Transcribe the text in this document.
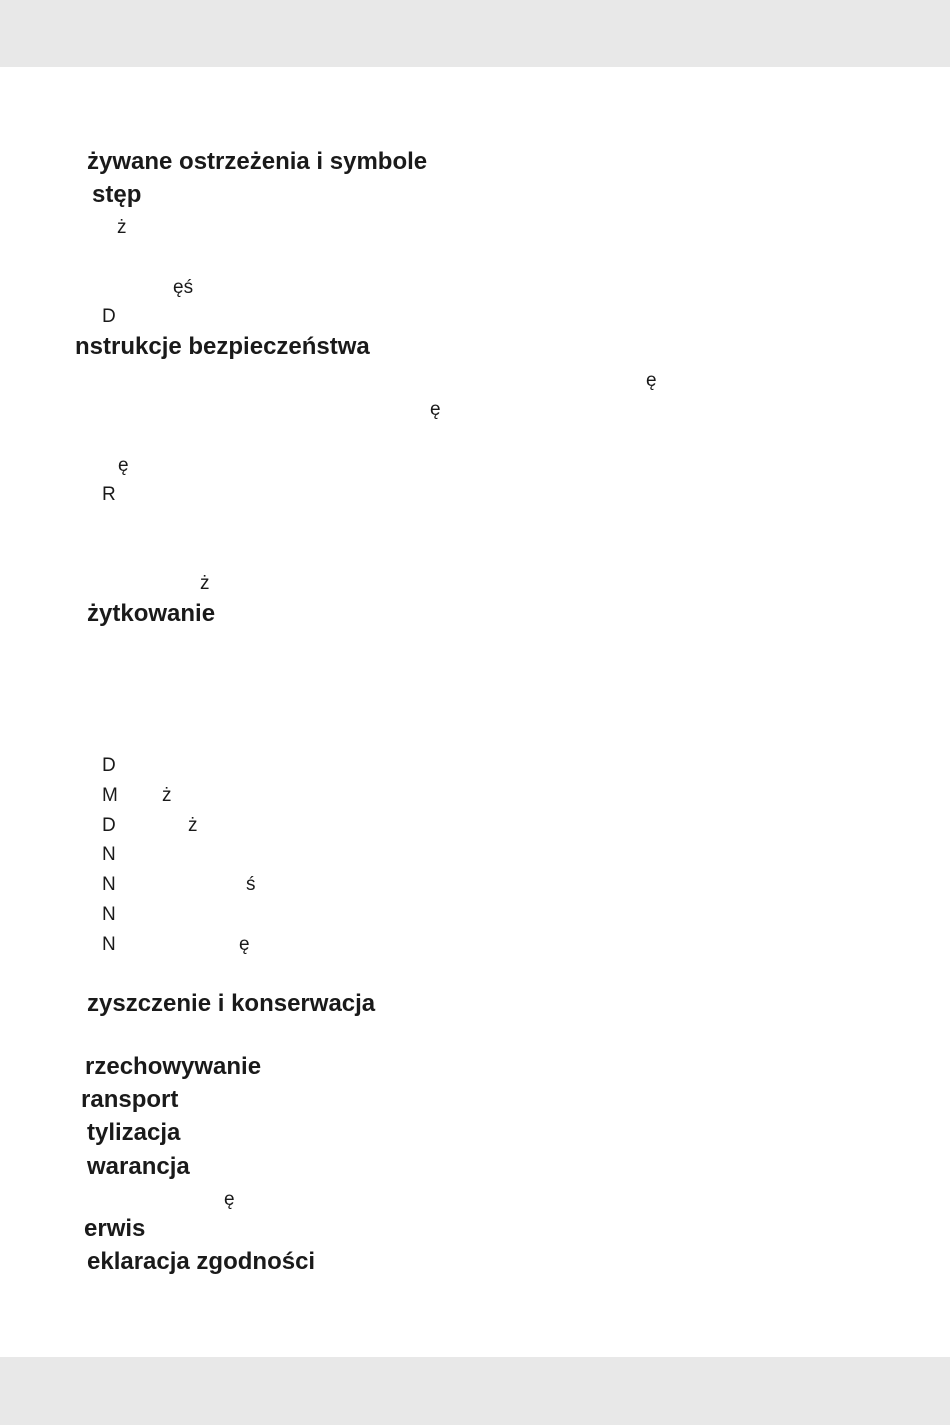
żywane ostrzeżenia i symbole
stęp
nstrukcje bezpieczeństwa
żytkowanie
zyszczenie i konserwacja
rzechowywanie
ransport
tylizacja
warancja
erwis
eklaracja zgodności
ż
ęś
D
ę
ę
ę
R
ż
D
M ż
D	ż
N
N	ś
N
N	ę
ę
